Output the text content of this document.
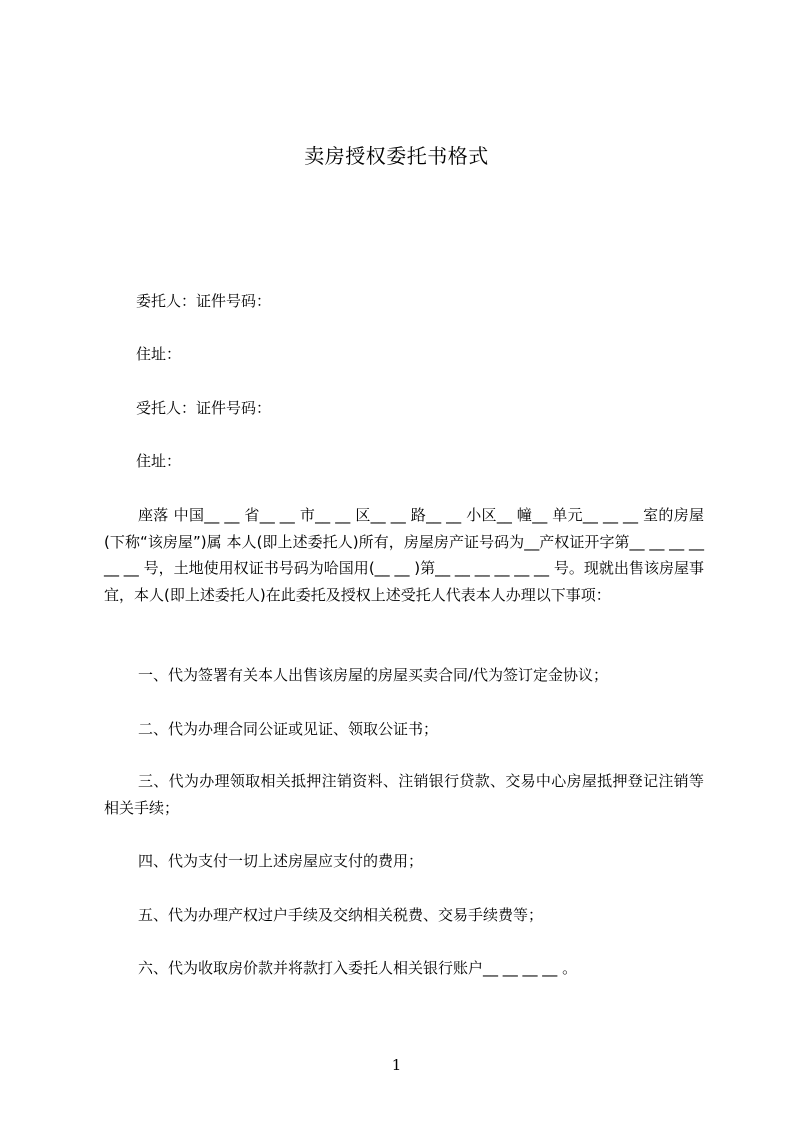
卖房授权委托书格式
委托人：证件号码：
住址：
受托人：证件号码：
住址：

座落 中国__ __ 省__ __ 市__ __ 区__ __ 路__ __ 小区__ 幢__ 单元__ __ __ 室的房屋(下称“该房屋”)属 本人(即上述委托人)所有，房屋房产证号码为__产权证开字第__ __ __ __ __ __ 号，土地使用权证书号码为哈国用(__ __ )第__ __ __ __ __ __ 号。现就出售该房屋事宜，本人(即上述委托人)在此委托及授权上述受托人代表本人办理以下事项：

一、代为签署有关本人出售该房屋的房屋买卖合同/代为签订定金协议；

二、代为办理合同公证或见证、领取公证书；

三、代为办理领取相关抵押注销资料、注销银行贷款、交易中心房屋抵押登记注销等相关手续；

四、代为支付一切上述房屋应支付的费用；

五、代为办理产权过户手续及交纳相关税费、交易手续费等；

六、代为收取房价款并将款打入委托人相关银行账户__ __ __ __ 。

1
